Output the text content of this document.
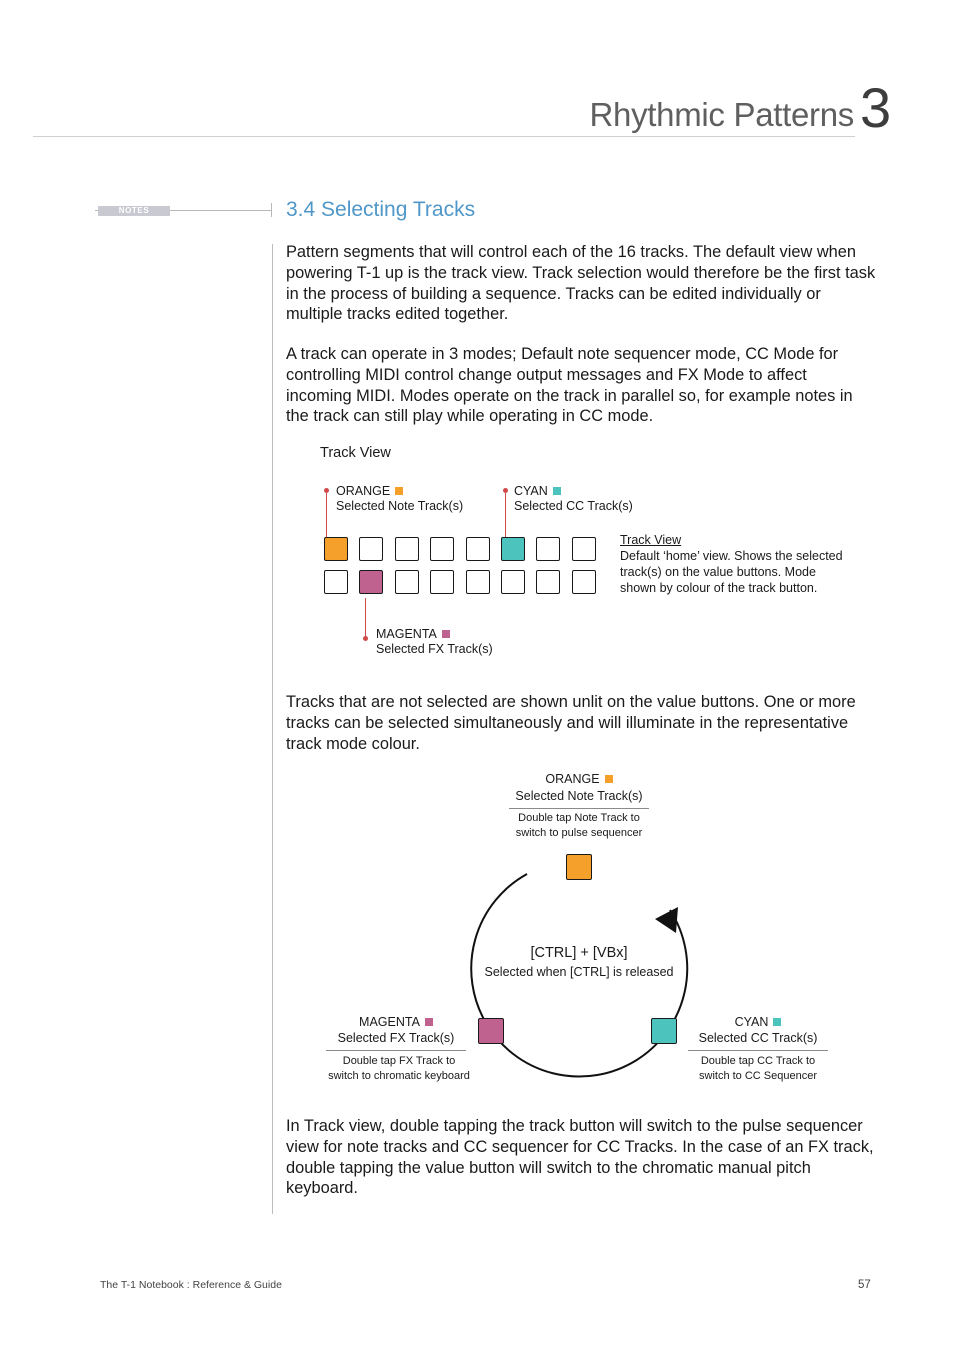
Rhythmic Patterns 3
NOTES	3.4 Selecting Tracks

Pattern segments that will control each of the 16 tracks. The default view when powering T-1 up is the track view. Track selection would therefore be the first task in the process of building a sequence. Tracks can be edited individually or multiple tracks edited together.

A track can operate in 3 modes; Default note sequencer mode, CC Mode for controlling MIDI control change output messages and FX Mode to affect incoming MIDI. Modes operate on the track in parallel so, for example notes in the track can still play while operating in CC mode.

Track View
ORANGE
Selected Note Track(s)
CYAN
Selected CC Track(s)
MAGENTA
Selected FX Track(s)
Track View
Default ‘home’ view. Shows the selected
track(s) on the value buttons. Mode
shown by colour of the track button.

Tracks that are not selected are shown unlit on the value buttons. One or more tracks can be selected simultaneously and will illuminate in the representative track mode colour.

ORANGE
Selected Note Track(s)
Double tap Note Track to
switch to pulse sequencer
[CTRL] + [VBx]
Selected when [CTRL] is released
MAGENTA
Selected FX Track(s)
Double tap FX Track to
switch to chromatic keyboard
CYAN
Selected CC Track(s)
Double tap CC Track to
switch to CC Sequencer

In Track view, double tapping the track button will switch to the pulse sequencer view for note tracks and CC sequencer for CC Tracks. In the case of an FX track, double tapping the value button will switch to the chromatic manual pitch keyboard.

The T-1 Notebook : Reference & Guide	57
